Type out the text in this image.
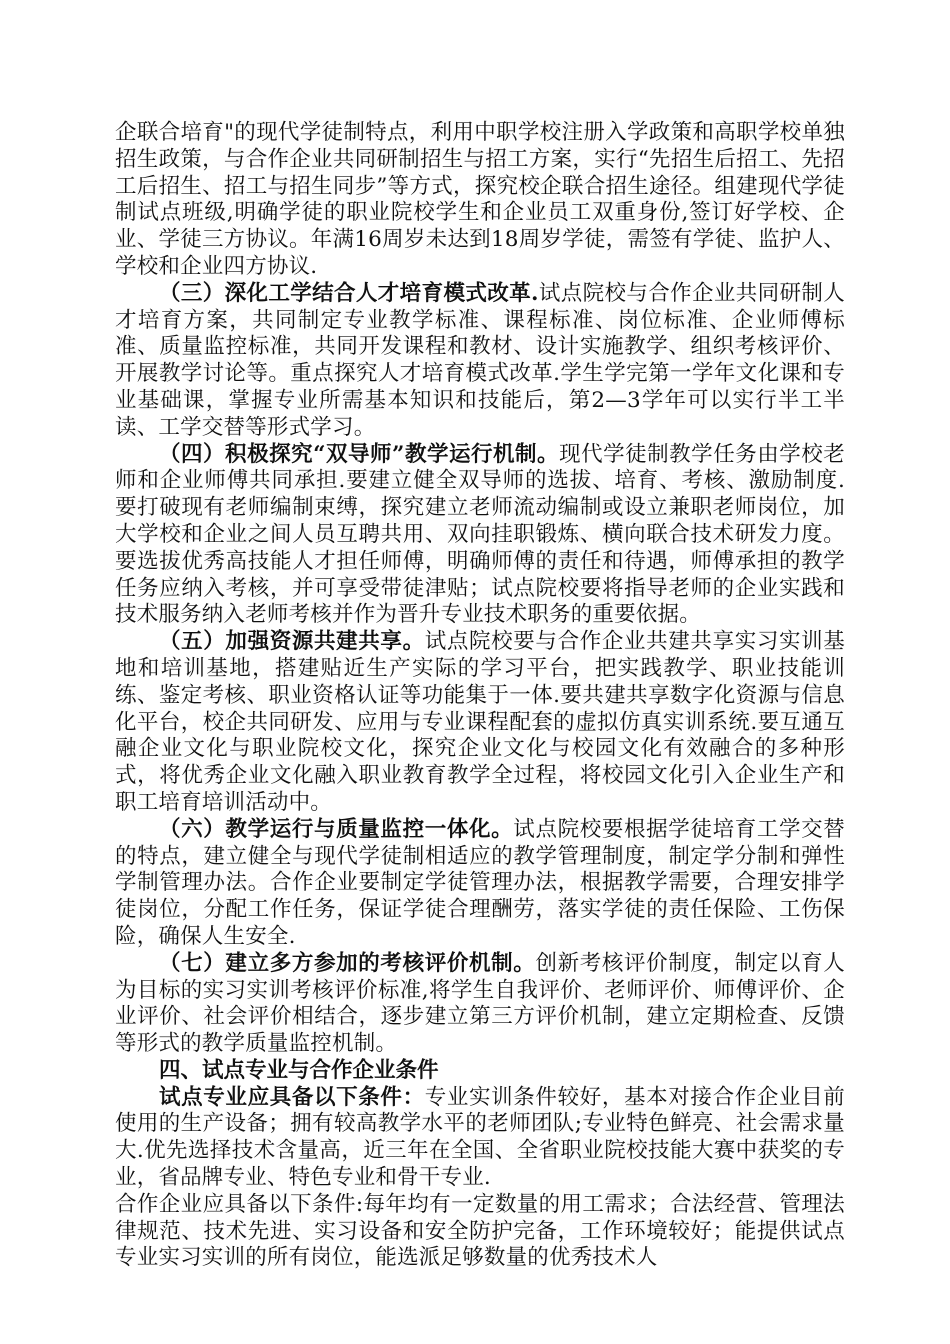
企联合培育"的现代学徒制特点，利用中职学校注册入学政策和高职学校单独招生政策，与合作企业共同研制招生与招工方案，实行“先招生后招工、先招工后招生、招工与招生同步”等方式，探究校企联合招生途径。组建现代学徒制试点班级,明确学徒的职业院校学生和企业员工双重身份,签订好学校、企业、学徒三方协议。年满16周岁未达到18周岁学徒，需签有学徒、监护人、学校和企业四方协议.

（三）深化工学结合人才培育模式改革.试点院校与合作企业共同研制人才培育方案，共同制定专业教学标准、课程标准、岗位标准、企业师傅标准、质量监控标准，共同开发课程和教材、设计实施教学、组织考核评价、开展教学讨论等。重点探究人才培育模式改革.学生学完第一学年文化课和专业基础课，掌握专业所需基本知识和技能后，第2—3学年可以实行半工半读、工学交替等形式学习。

（四）积极探究“双导师”教学运行机制。现代学徒制教学任务由学校老师和企业师傅共同承担.要建立健全双导师的选拔、培育、考核、激励制度.要打破现有老师编制束缚，探究建立老师流动编制或设立兼职老师岗位，加大学校和企业之间人员互聘共用、双向挂职锻炼、横向联合技术研发力度。要选拔优秀高技能人才担任师傅，明确师傅的责任和待遇，师傅承担的教学任务应纳入考核，并可享受带徒津贴；试点院校要将指导老师的企业实践和技术服务纳入老师考核并作为晋升专业技术职务的重要依据。

（五）加强资源共建共享。试点院校要与合作企业共建共享实习实训基地和培训基地，搭建贴近生产实际的学习平台，把实践教学、职业技能训练、鉴定考核、职业资格认证等功能集于一体.要共建共享数字化资源与信息化平台，校企共同研发、应用与专业课程配套的虚拟仿真实训系统.要互通互融企业文化与职业院校文化，探究企业文化与校园文化有效融合的多种形式，将优秀企业文化融入职业教育教学全过程，将校园文化引入企业生产和职工培育培训活动中。

（六）教学运行与质量监控一体化。试点院校要根据学徒培育工学交替的特点，建立健全与现代学徒制相适应的教学管理制度，制定学分制和弹性学制管理办法。合作企业要制定学徒管理办法，根据教学需要，合理安排学徒岗位，分配工作任务，保证学徒合理酬劳，落实学徒的责任保险、工伤保险，确保人生安全.

（七）建立多方参加的考核评价机制。创新考核评价制度，制定以育人为目标的实习实训考核评价标准,将学生自我评价、老师评价、师傅评价、企业评价、社会评价相结合，逐步建立第三方评价机制，建立定期检查、反馈等形式的教学质量监控机制。

四、试点专业与合作企业条件

试点专业应具备以下条件：专业实训条件较好，基本对接合作企业目前使用的生产设备；拥有较高教学水平的老师团队;专业特色鲜亮、社会需求量大.优先选择技术含量高，近三年在全国、全省职业院校技能大赛中获奖的专业，省品牌专业、特色专业和骨干专业.

合作企业应具备以下条件:每年均有一定数量的用工需求；合法经营、管理法律规范、技术先进、实习设备和安全防护完备，工作环境较好；能提供试点专业实习实训的所有岗位，能选派足够数量的优秀技术人
